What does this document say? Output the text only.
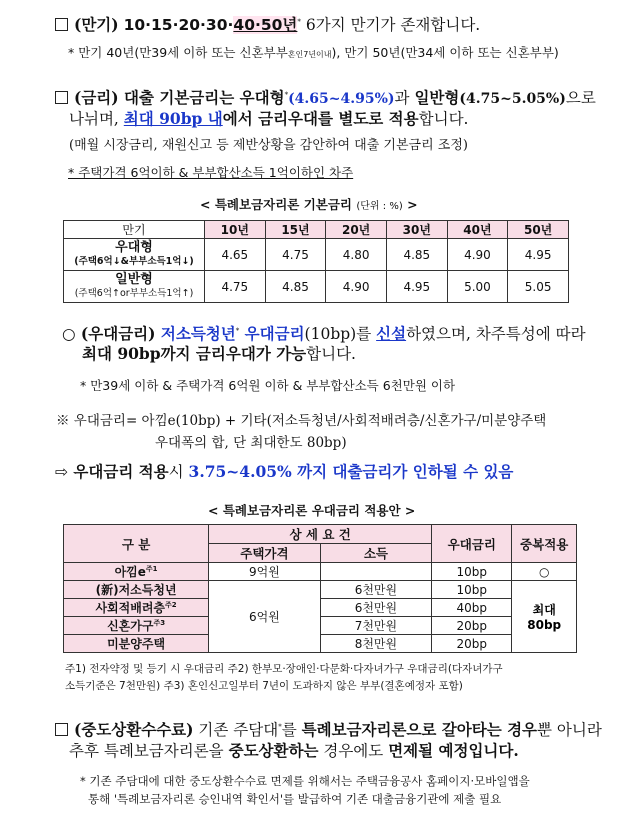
(만기) 10·15·20·30·40·50년* 6가지 만기가 존재합니다.
* 만기 40년(만39세 이하 또는 신혼부부혼인7년이내), 만기 50년(만34세 이하 또는 신혼부부)
(금리) 대출 기본금리는 우대형*(4.65~4.95%)과 일반형(4.75~5.05%)으로
나뉘며, 최대 90bp 내에서 금리우대를 별도로 적용합니다.
(매월 시장금리, 재원신고 등 제반상황을 감안하여 대출 기본금리 조정)
* 주택가격 6억이하 & 부부합산소득 1억이하인 차주
< 특례보금자리론 기본금리 (단위 : %) >
만기	10년	15년	20년	30년	40년	50년
우대형
(주택6억↓&부부소득1억↓)	4.65	4.75	4.80	4.85	4.90	4.95
일반형
(주택6억↑or부부소득1억↑)	4.75	4.85	4.90	4.95	5.00	5.05
○ (우대금리) 저소득청년* 우대금리(10bp)를 신설하였으며, 차주특성에 따라
최대 90bp까지 금리우대가 가능합니다.
* 만39세 이하 & 주택가격 6억원 이하 & 부부합산소득 6천만원 이하
※ 우대금리= 아낌e(10bp) + 기타(저소득청년/사회적배려층/신혼가구/미분양주택
우대폭의 합, 단 최대한도 80bp)
⇨ 우대금리 적용시 3.75~4.05% 까지 대출금리가 인하될 수 있음
< 특례보금자리론 우대금리 적용안 >
구 분	상 세 요 건		우대금리	중복적용
	주택가격	소득		
아낌$e^{주1}$	9억원		10bp	○
(新)저소득청년	6억원	6천만원	10bp	최대
80bp
사회적배려층$^{주2}$		6천만원	40bp	
신혼가구$^{주3}$		7천만원	20bp	
미분양주택		8천만원	20bp	
주1) 전자약정 및 등기 시 우대금리 주2) 한부모·장애인·다문화·다자녀가구 우대금리(다자녀가구
소득기준은 7천만원) 주3) 혼인신고일부터 7년이 도과하지 않은 부부(결혼예정자 포함)
(중도상환수수료) 기존 주담대*를 특례보금자리론으로 갈아타는 경우뿐 아니라
추후 특례보금자리론을 중도상환하는 경우에도 면제될 예정입니다.
* 기존 주담대에 대한 중도상환수수료 면제를 위해서는 주택금융공사 홈페이지·모바일앱을
통해 '특례보금자리론 승인내역 확인서'를 발급하여 기존 대출금융기관에 제출 필요
